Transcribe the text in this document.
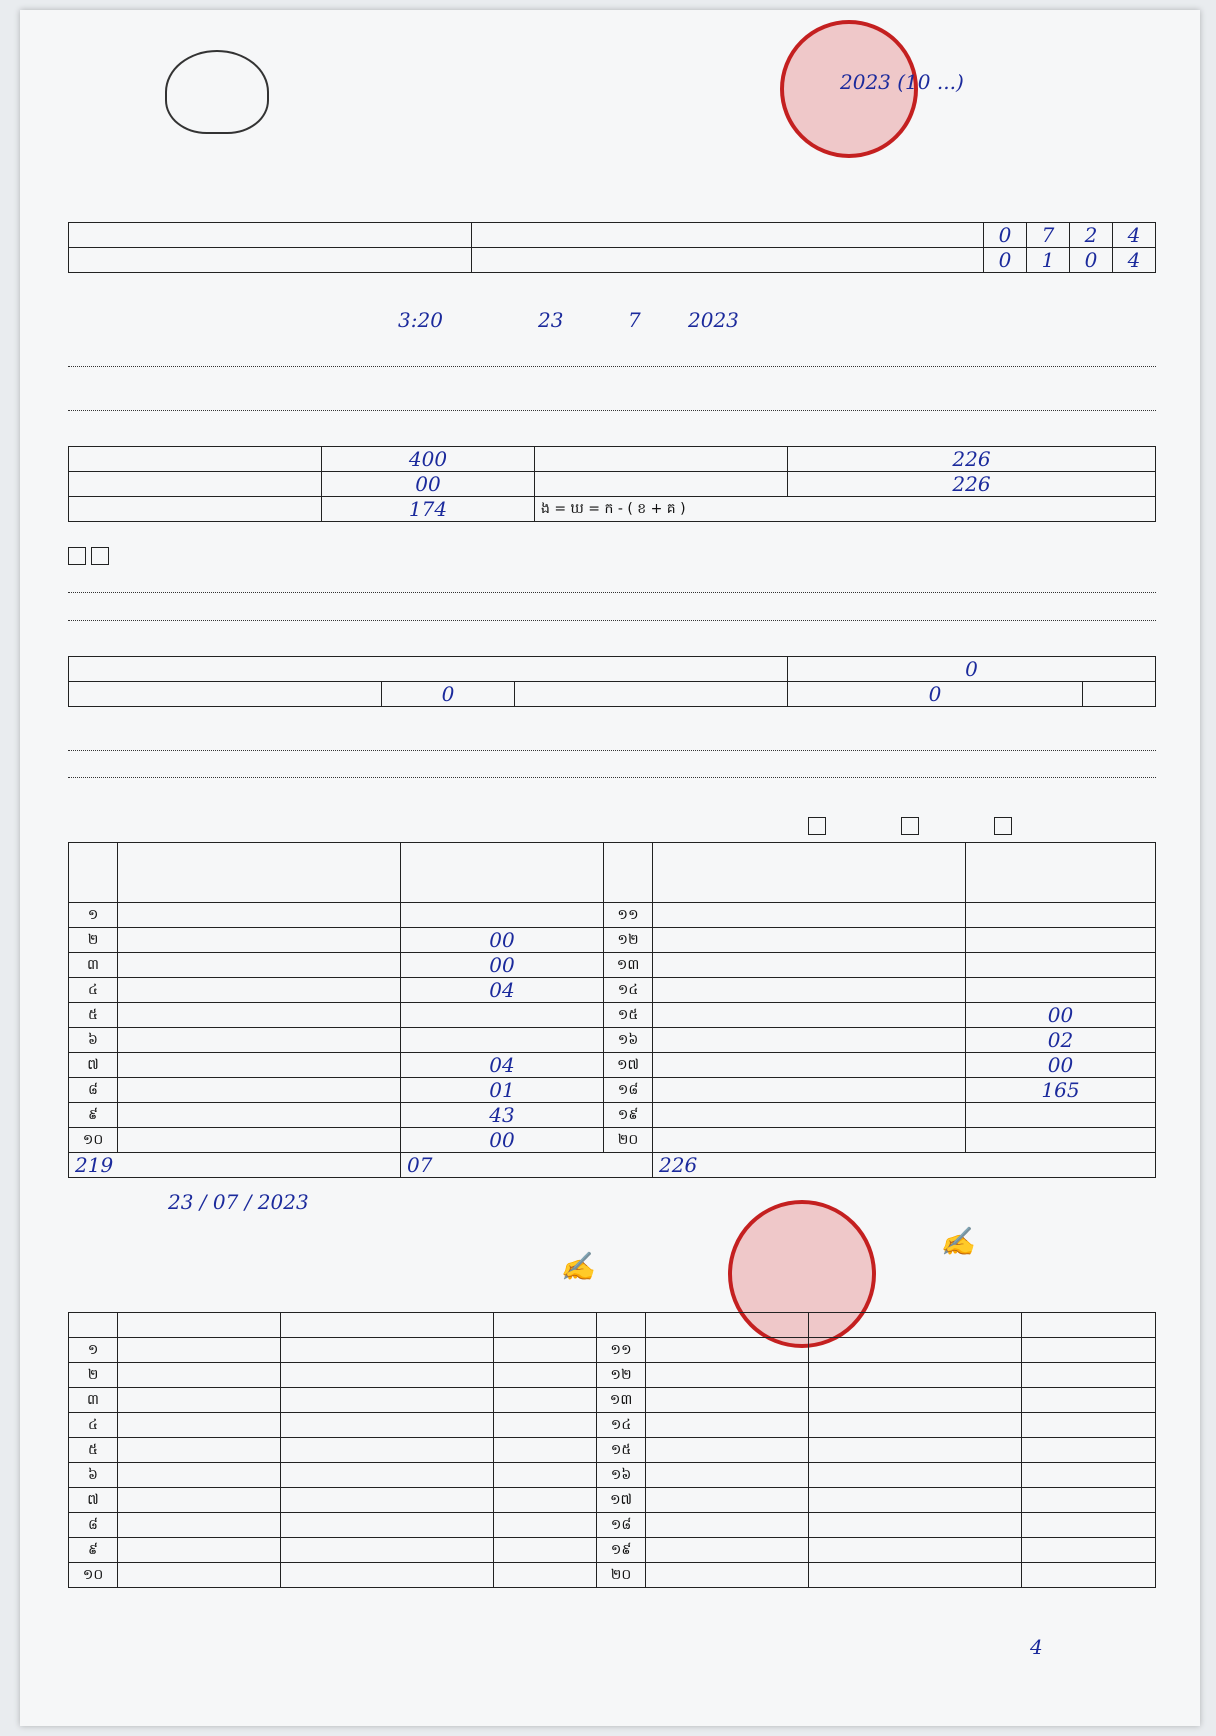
2023 (10 ...)
		0	7	2	4
		0	1	0	4
3:20	23	7 2023
	400		226
	00		226
	174	ង = ឃ = ក - ( ខ + គ )	

			0	
	0		0	

១			១១		
២		00	១២		
៣		00	១៣		
៤		04	១៤		
៥			១៥		00
៦			១៦		02
៧		04	១៧		00
៨		01	១៨		165
៩		43	១៩		
១០		00	២០		
219		07		226	
23 / 07 / 2023
✍
✍

១				១១			
២				១២			
៣				១៣			
៤				១៤			
៥				១៥			
៦				១៦			
៧				១៧			
៨				១៨			
៩				១៩			
១០				២០			
4
